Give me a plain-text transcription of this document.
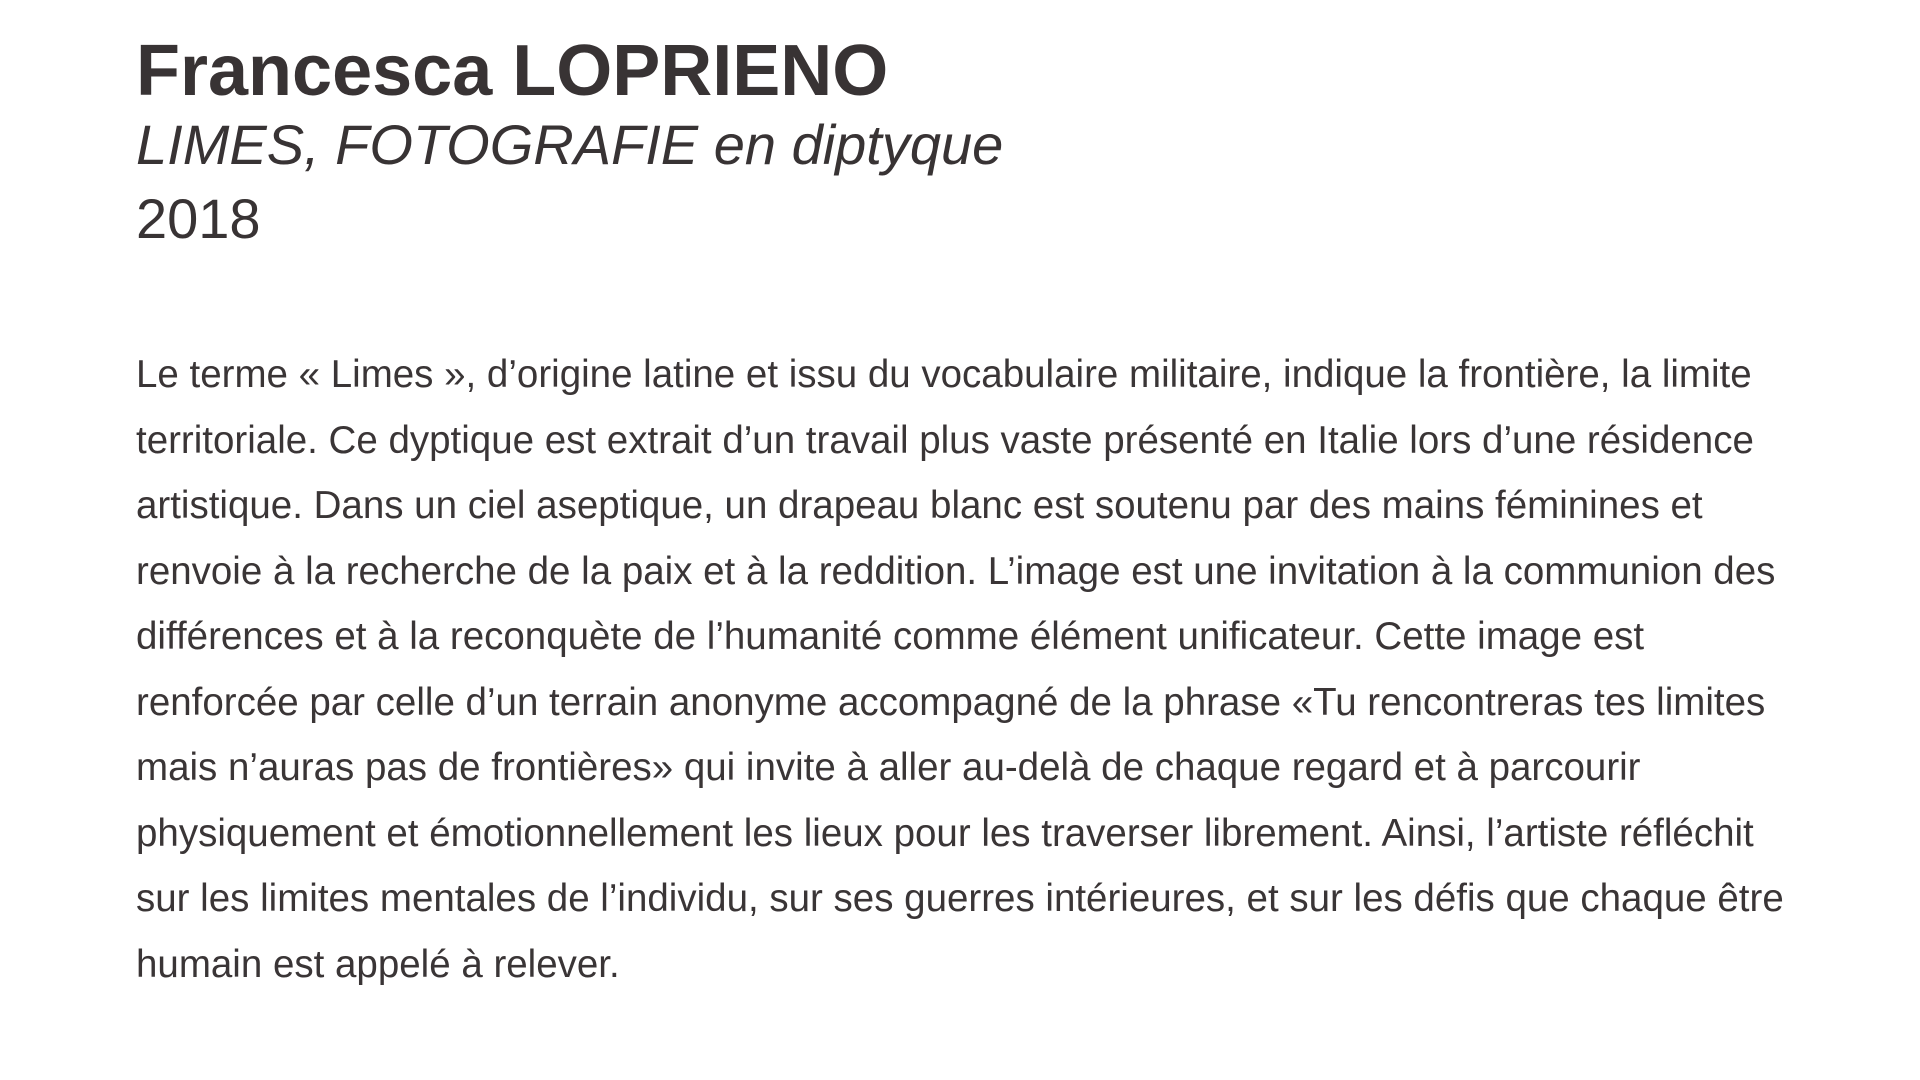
Francesca LOPRIENO
LIMES, FOTOGRAFIE en diptyque
2018

Le terme « Limes », d’origine latine et issu du vocabulaire militaire, indique la frontière, la limite territoriale. Ce dyptique est extrait d’un travail plus vaste présenté en Italie lors d’une résidence artistique. Dans un ciel aseptique, un drapeau blanc est soutenu par des mains féminines et renvoie à la recherche de la paix et à la reddition. L’image est une invitation à la communion des différences et à la reconquète de l’humanité comme élément unificateur. Cette image est renforcée par celle d’un terrain anonyme accompagné de la phrase «Tu rencontreras tes limites mais n’auras pas de frontières» qui invite à aller au-delà de chaque regard et à parcourir physiquement et émotionnellement les lieux pour les traverser librement. Ainsi, l’artiste réfléchit sur les limites mentales de l’individu, sur ses guerres intérieures, et sur les défis que chaque être humain est appelé à relever.
